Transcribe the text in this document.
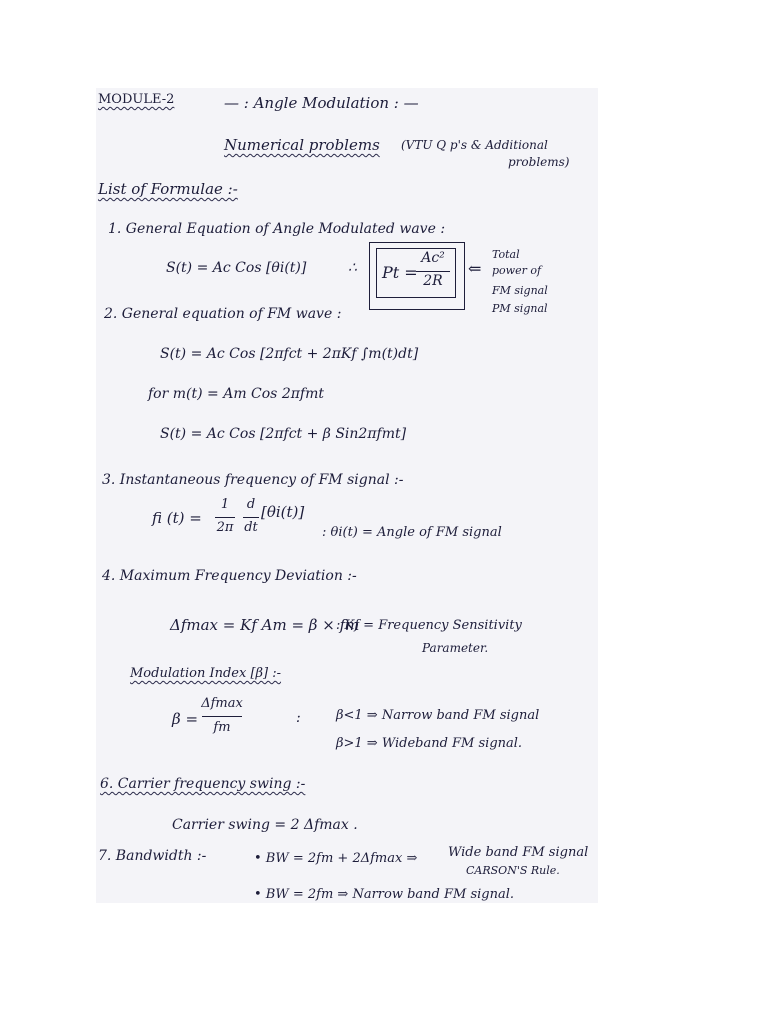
MODULE-2	— : Angle Modulation : —
Numerical problems (VTU Q p's & Additional
problems)
List of Formulae :-
1. General Equation of Angle Modulated wave :
S(t) = Ac Cos [θi(t)]	∴ Pt =
Ac²
2R
⇐
Total
power of
FM signal
PM signal
2. General equation of FM wave :
S(t) = Ac Cos [2πfct + 2πKf ∫m(t)dt]
for m(t) = Am Cos 2πfmt
S(t) = Ac Cos [2πfct + β Sin2πfmt]
3. Instantaneous frequency of FM signal :-
fi (t) =
1
2π
d
dt
[θi(t)]
: θi(t) = Angle of FM signal
4. Maximum Frequency Deviation :-
Δfmax = Kf Am = β × fm
: Kf = Frequency Sensitivity
Parameter.
Modulation Index [β] :-
β =
Δfmax
fm
:	β<1 ⇒ Narrow band FM signal
β>1 ⇒ Wideband FM signal.
6. Carrier frequency swing :-
Carrier swing = 2 Δfmax .
7. Bandwidth :-	• BW = 2fm + 2Δfmax ⇒ Wide band FM signal
CARSON'S Rule.
• BW = 2fm ⇒ Narrow band FM signal.
